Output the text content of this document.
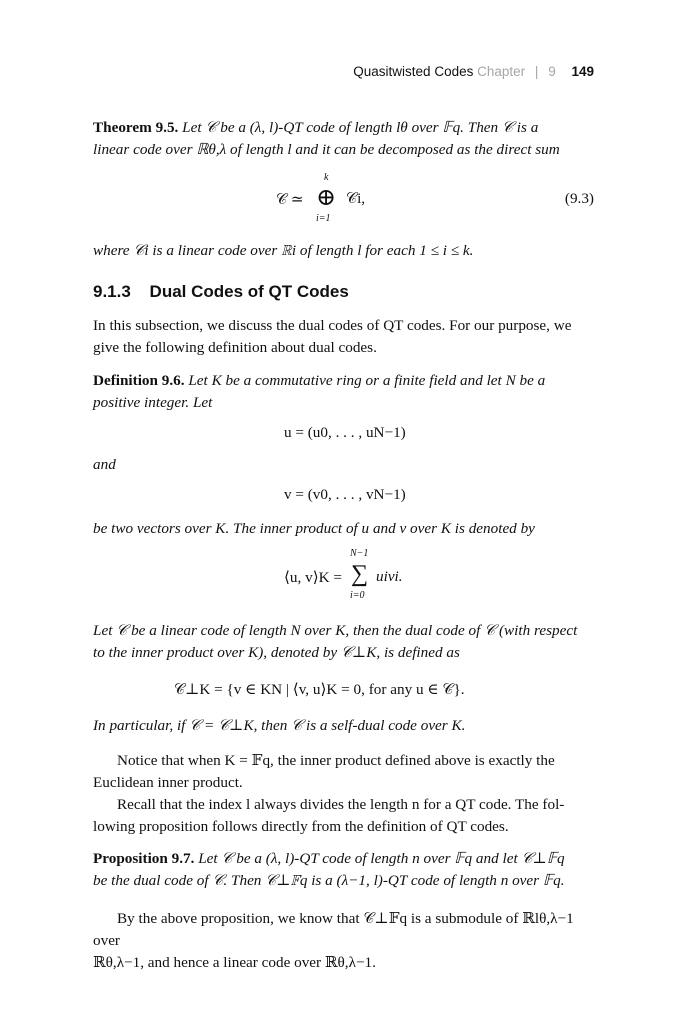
Quasitwisted Codes Chapter | 9 149
Theorem 9.5. Let 𝒞 be a (λ, l)-QT code of length lθ over 𝔽q. Then 𝒞 is a
linear code over ℝθ,λ of length l and it can be decomposed as the direct sum
𝒞 ≃
k
⊕
i=1
𝒞i,	(9.3)
where 𝒞i is a linear code over ℝi of length l for each 1 ≤ i ≤ k.
9.1.3 Dual Codes of QT Codes
In this subsection, we discuss the dual codes of QT codes. For our purpose, we
give the following definition about dual codes.
Definition 9.6. Let K be a commutative ring or a finite field and let N be a
positive integer. Let
u = (u0, . . . , uN−1)
and
v = (v0, . . . , vN−1)
be two vectors over K. The inner product of u and v over K is denoted by
⟨u, v⟩K =
N−1
∑
i=0
uivi.
Let 𝒞 be a linear code of length N over K, then the dual code of 𝒞 (with respect
to the inner product over K), denoted by 𝒞⊥K, is defined as
𝒞⊥K = {v ∈ KN | ⟨v, u⟩K = 0, for any u ∈ 𝒞}.
In particular, if 𝒞 = 𝒞⊥K, then 𝒞 is a self-dual code over K.
Notice that when K = 𝔽q, the inner product defined above is exactly the
Euclidean inner product.
Recall that the index l always divides the length n for a QT code. The fol-
lowing proposition follows directly from the definition of QT codes.
Proposition 9.7. Let 𝒞 be a (λ, l)-QT code of length n over 𝔽q and let 𝒞⊥𝔽q
be the dual code of 𝒞. Then 𝒞⊥𝔽q is a (λ−1, l)-QT code of length n over 𝔽q.
By the above proposition, we know that 𝒞⊥𝔽q is a submodule of ℝlθ,λ−1 over
ℝθ,λ−1, and hence a linear code over ℝθ,λ−1.
